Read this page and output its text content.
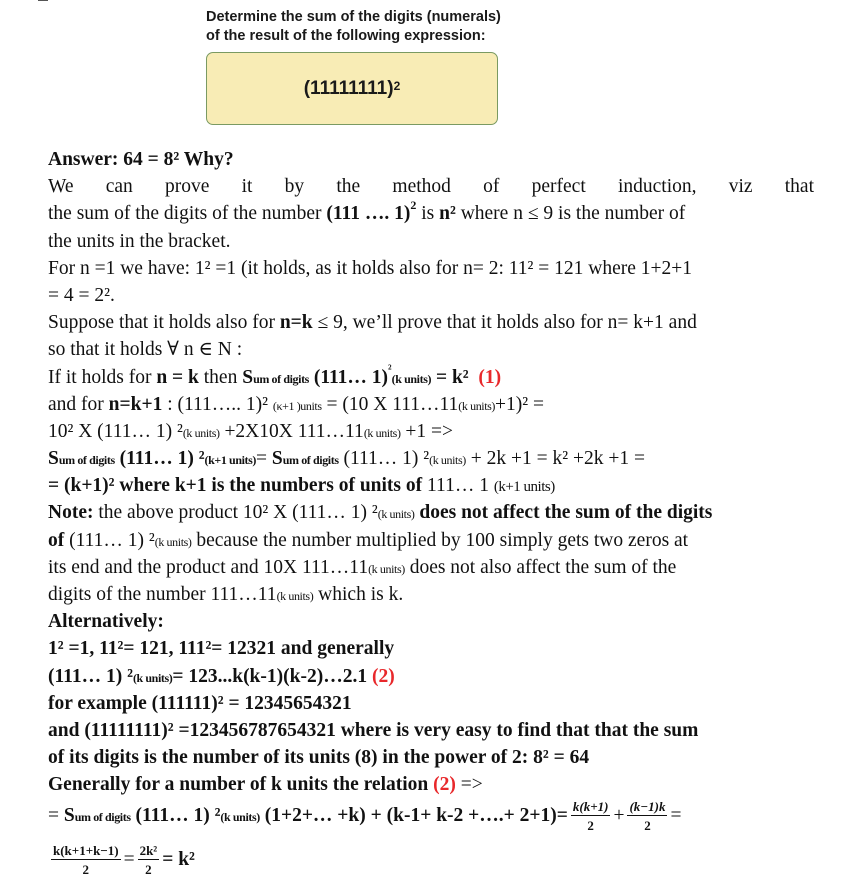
Determine the sum of the digits (numerals)
of the result of the following expression:
$(11111111)^2$
Answer: 64 = 8² Why?
We can prove it by the method of perfect induction, viz that
the sum of the digits of the number (111 …. 1)$^2$ is n² where n ≤ 9 is the number of
the units in the bracket.
For n =1 we have: 1² =1 (it holds, as it holds also for n= 2: 11² = 121 where 1+2+1
= 4 = 2².
Suppose that it holds also for n=k ≤ 9, we’ll prove that it holds also for n= k+1 and
so that it holds ∀ n ∈ N :
If it holds for n = k then Sum of digits (111… 1)$^{^2}$(k units) = k² (1)
and for n=k+1 : (111….. 1)² (κ+1 )units = (10 X 111…11(k units)+1)² =
10² X (111… 1) ²(k units) +2X10X 111…11(k units) +1 =>
Sum of digits (111… 1) ²(k+1 units)= Sum of digits (111… 1) ²(k units) + 2k +1 = k² +2k +1 =
= (k+1)² where k+1 is the numbers of units of 111… 1 (k+1 units)
Note: the above product 10² X (111… 1) ²(k units) does not affect the sum of the digits
of (111… 1) ²(k units) because the number multiplied by 100 simply gets two zeros at
its end and the product and 10X 111…11(k units) does not also affect the sum of the
digits of the number 111…11(k units) which is k.
Alternatively:
1² =1, 11²= 121, 111²= 12321 and generally
(111… 1) ²(k units)= 123...k(k-1)(k-2)…2.1 (2)
for example (111111)² = 12345654321
and (11111111)² =123456787654321 where is very easy to find that that the sum
of its digits is the number of its units (8) in the power of 2: 8² = 64
Generally for a number of k units the relation (2) =>
= Sum of digits (111… 1) ²(k units) (1+2+… +k) + (k-1+ k-2 +….+ $2+1)= \frac{k(k+1)}{2} + \frac{(k-1)k}{2}$ =
$\frac{k(k+1+k-1)}{2} = \frac{\text{2k²}}{2} = k^2$
